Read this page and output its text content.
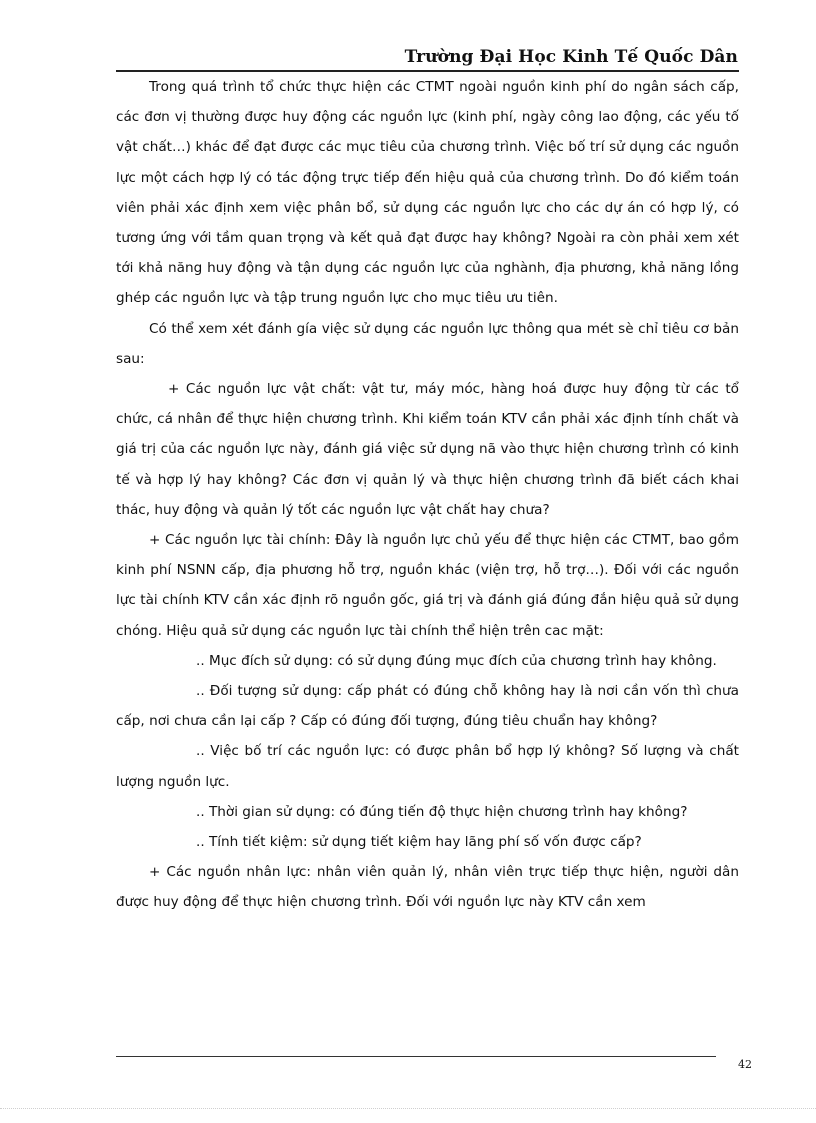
Trường Đại Học Kinh Tế Quốc Dân

Trong quá trình tổ chức thực hiện các CTMT ngoài nguồn kinh phí do ngân sách cấp, các đơn vị thường được huy động các nguồn lực (kinh phí, ngày công lao động, các yếu tố vật chất…) khác để đạt được các mục tiêu của chương trình. Việc bố trí sử dụng các nguồn lực một cách hợp lý có tác động trực tiếp đến hiệu quả của chương trình. Do đó kiểm toán viên phải xác định xem việc phân bổ, sử dụng các nguồn lực cho các dự án có hợp lý, có tương ứng với tầm quan trọng và kết quả đạt được hay không? Ngoài ra còn phải xem xét tới khả năng huy động và tận dụng các nguồn lực của nghành, địa phương, khả năng lồng ghép các nguồn lực và tập trung nguồn lực cho mục tiêu ưu tiên.

Có thể xem xét đánh gía việc sử dụng các nguồn lực thông qua mét sè chỉ tiêu cơ bản sau:

+ Các nguồn lực vật chất: vật tư, máy móc, hàng hoá được huy động từ các tổ chức, cá nhân để thực hiện chương trình. Khi kiểm toán KTV cần phải xác định tính chất và giá trị của các nguồn lực này, đánh giá việc sử dụng nã vào thực hiện chương trình có kinh tế và hợp lý hay không? Các đơn vị quản lý và thực hiện chương trình đã biết cách khai thác, huy động và quản lý tốt các nguồn lực vật chất hay chưa?

+ Các nguồn lực tài chính: Đây là nguồn lực chủ yếu để thực hiện các CTMT, bao gồm kinh phí NSNN cấp, địa phương hỗ trợ, nguồn khác (viện trợ, hỗ trợ…). Đối với các nguồn lực tài chính KTV cần xác định rõ nguồn gốc, giá trị và đánh giá đúng đắn hiệu quả sử dụng chóng. Hiệu quả sử dụng các nguồn lực tài chính thể hiện trên cac mặt:

.. Mục đích sử dụng: có sử dụng đúng mục đích của chương trình hay không.

.. Đối tượng sử dụng: cấp phát có đúng chỗ không hay là nơi cần vốn thì chưa cấp, nơi chưa cần lại cấp ? Cấp có đúng đối tượng, đúng tiêu chuẩn hay không?

.. Việc bố trí các nguồn lực: có được phân bổ hợp lý không? Số lượng và chất lượng nguồn lực.

.. Thời gian sử dụng: có đúng tiến độ thực hiện chương trình hay không?

.. Tính tiết kiệm: sử dụng tiết kiệm hay lãng phí số vốn được cấp?

+ Các nguồn nhân lực: nhân viên quản lý, nhân viên trực tiếp thực hiện, người dân được huy động để thực hiện chương trình. Đối với nguồn lực này KTV cần xem

42
